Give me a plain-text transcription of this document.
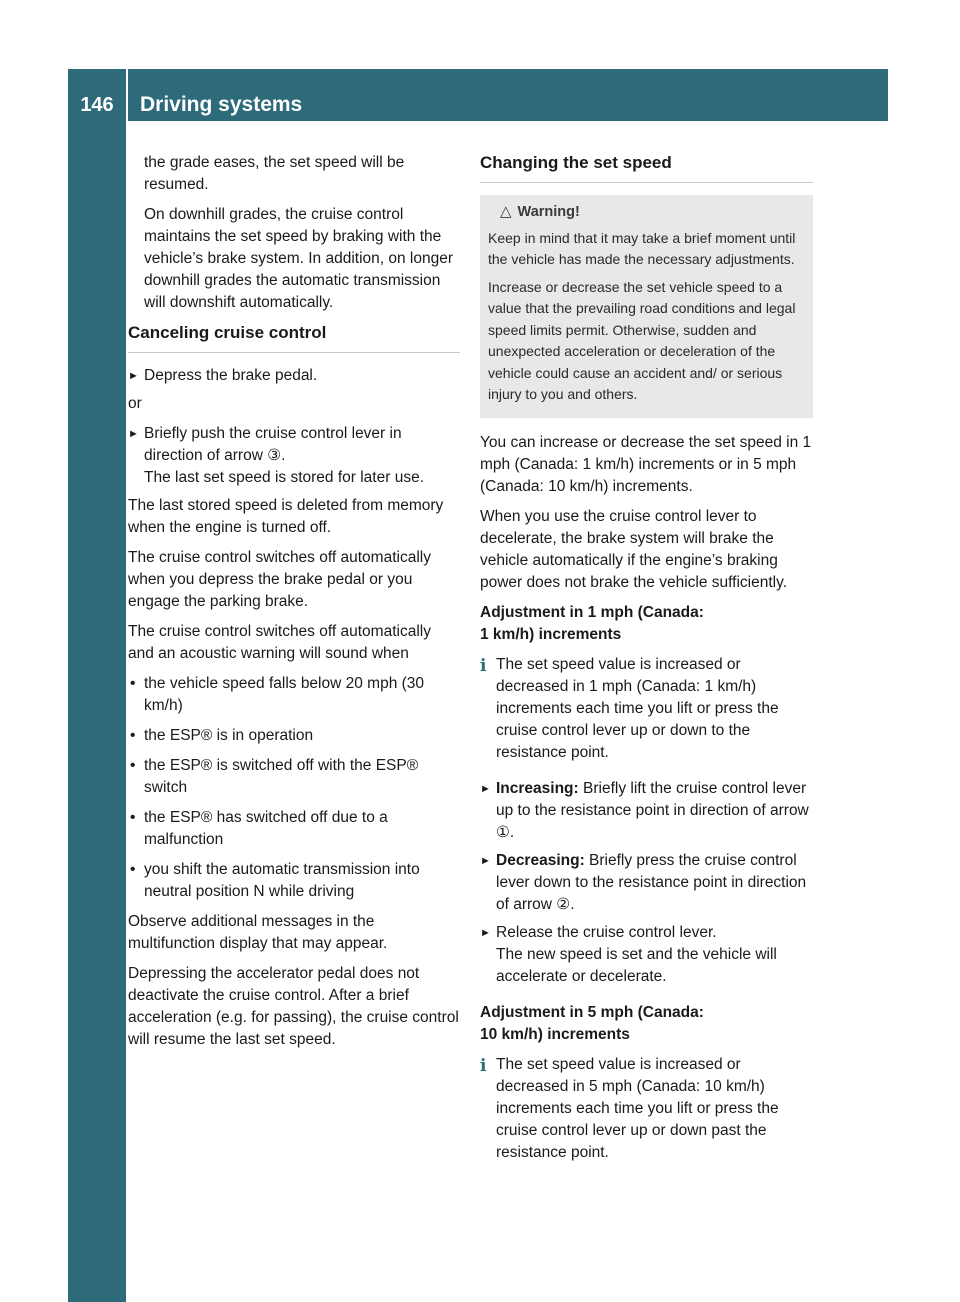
146	Driving systems
Controls in detail

the grade eases, the set speed will be resumed.

On downhill grades, the cruise control maintains the set speed by braking with the vehicle’s brake system. In addition, on longer downhill grades the automatic transmission will downshift automatically.

Canceling cruise control
► Depress the brake pedal.

or

► Briefly push the cruise control lever in direction of arrow ③.
The last set speed is stored for later use.

The last stored speed is deleted from memory when the engine is turned off.

The cruise control switches off automatically when you depress the brake pedal or you engage the parking brake.

The cruise control switches off automatically and an acoustic warning will sound when

• the vehicle speed falls below 20 mph (30 km/h)
• the ESP® is in operation
• the ESP® is switched off with the ESP® switch
• the ESP® has switched off due to a malfunction
• you shift the automatic transmission into neutral position N while driving

Observe additional messages in the multifunction display that may appear.

Depressing the accelerator pedal does not deactivate the cruise control. After a brief acceleration (e.g. for passing), the cruise control will resume the last set speed.

Changing the set speed
△ Warning!

Keep in mind that it may take a brief moment until the vehicle has made the necessary adjustments.

Increase or decrease the set vehicle speed to a value that the prevailing road conditions and legal speed limits permit. Otherwise, sudden and unexpected acceleration or deceleration of the vehicle could cause an accident and/ or serious injury to you and others.

You can increase or decrease the set speed in 1 mph (Canada: 1 km/h) increments or in 5 mph (Canada: 10 km/h) increments.

When you use the cruise control lever to decelerate, the brake system will brake the vehicle automatically if the engine’s braking power does not brake the vehicle sufficiently.

Adjustment in 1 mph (Canada:
1 km/h) increments
i The set speed value is increased or decreased in 1 mph (Canada: 1 km/h) increments each time you lift or press the cruise control lever up or down to the resistance point.
► Increasing: Briefly lift the cruise control lever up to the resistance point in direction of arrow ①.
► Decreasing: Briefly press the cruise control lever down to the resistance point in direction of arrow ②.
► Release the cruise control lever.
The new speed is set and the vehicle will accelerate or decelerate.
Adjustment in 5 mph (Canada:
10 km/h) increments
i The set speed value is increased or decreased in 5 mph (Canada: 10 km/h) increments each time you lift or press the cruise control lever up or down past the resistance point.
